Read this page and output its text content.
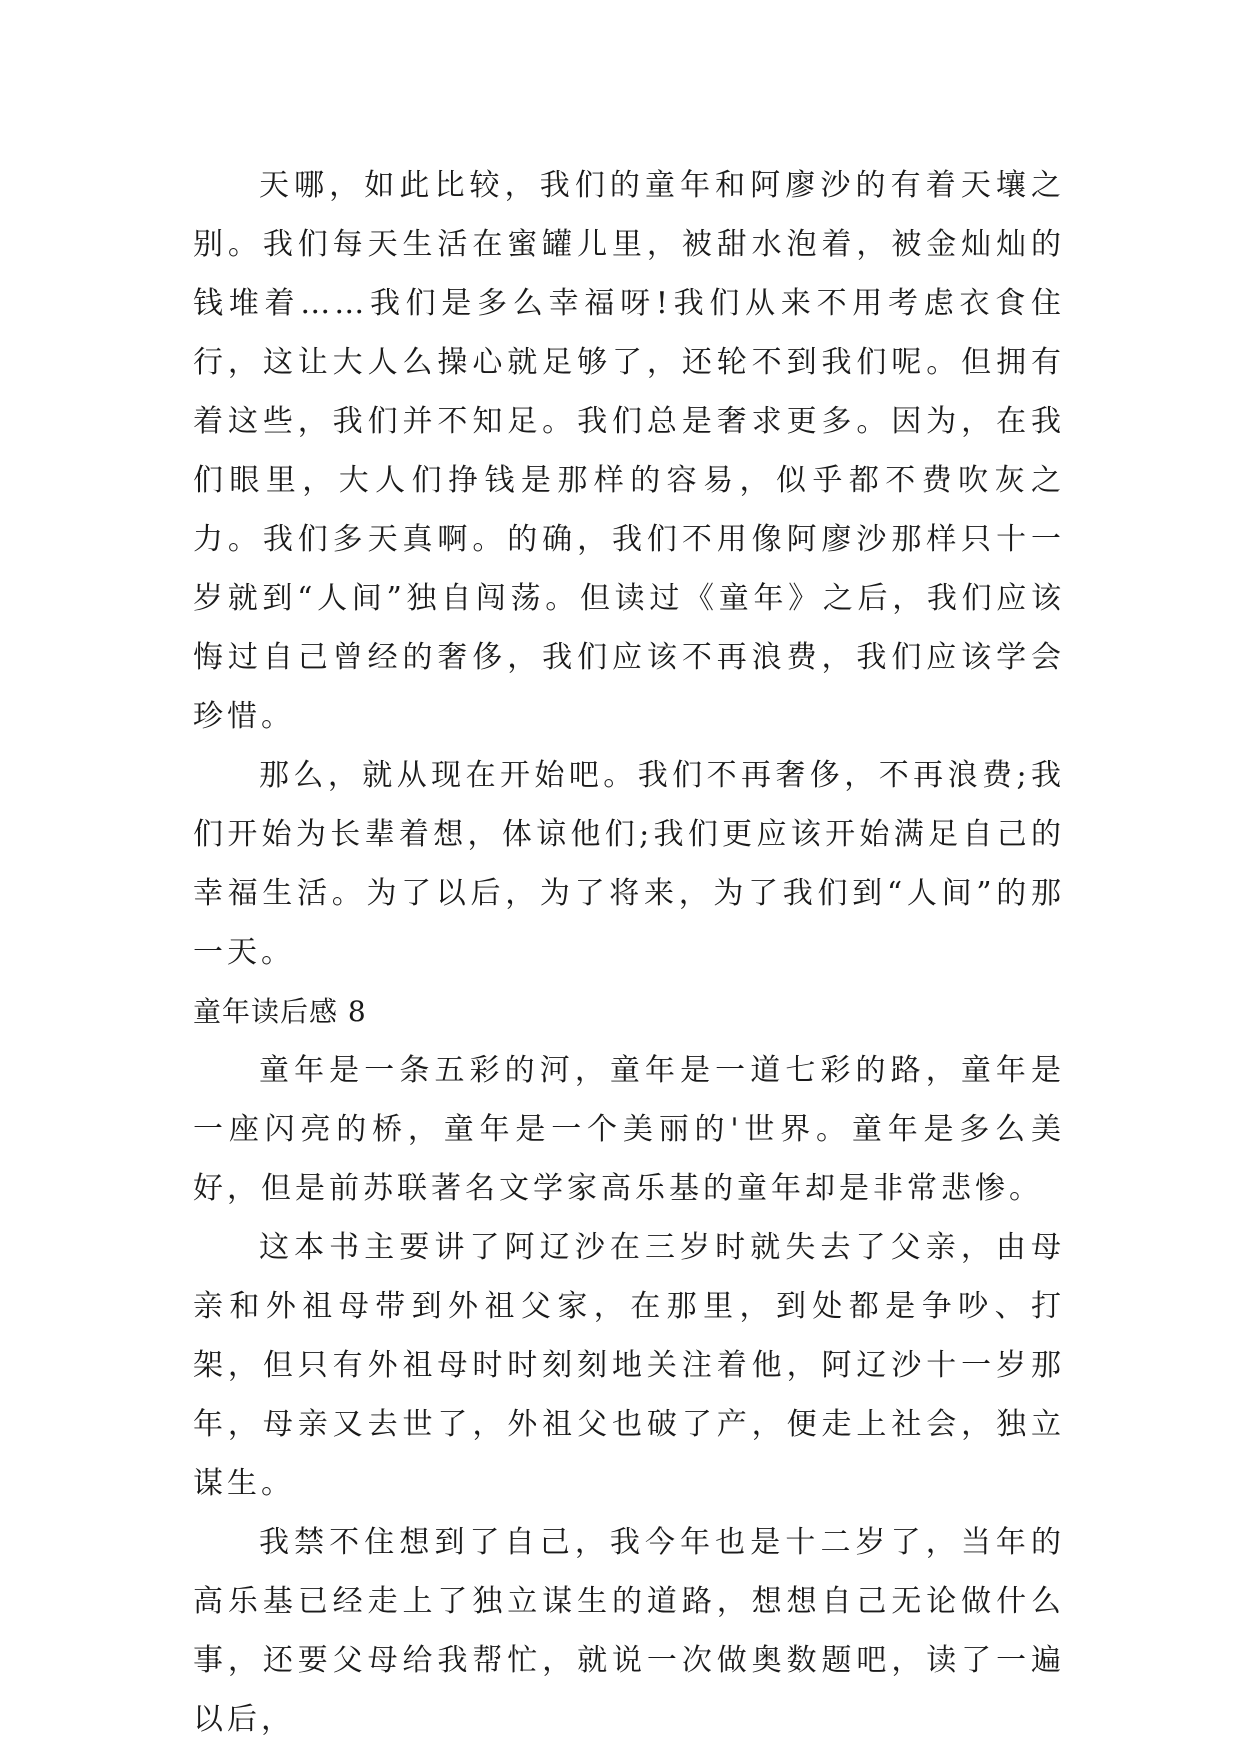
天哪，如此比较，我们的童年和阿廖沙的有着天壤之别。我们每天生活在蜜罐儿里，被甜水泡着，被金灿灿的钱堆着……我们是多么幸福呀!我们从来不用考虑衣食住行，这让大人么操心就足够了，还轮不到我们呢。但拥有着这些，我们并不知足。我们总是奢求更多。因为，在我们眼里，大人们挣钱是那样的容易，似乎都不费吹灰之力。我们多天真啊。的确，我们不用像阿廖沙那样只十一岁就到“人间”独自闯荡。但读过《童年》之后，我们应该悔过自己曾经的奢侈，我们应该不再浪费，我们应该学会珍惜。

那么，就从现在开始吧。我们不再奢侈，不再浪费;我们开始为长辈着想，体谅他们;我们更应该开始满足自己的幸福生活。为了以后，为了将来，为了我们到“人间”的那一天。

童年读后感 8

童年是一条五彩的河，童年是一道七彩的路，童年是一座闪亮的桥，童年是一个美丽的'世界。童年是多么美好，但是前苏联著名文学家高乐基的童年却是非常悲惨。

这本书主要讲了阿辽沙在三岁时就失去了父亲，由母亲和外祖母带到外祖父家，在那里，到处都是争吵、打架，但只有外祖母时时刻刻地关注着他，阿辽沙十一岁那年，母亲又去世了，外祖父也破了产，便走上社会，独立谋生。

我禁不住想到了自己，我今年也是十二岁了，当年的高乐基已经走上了独立谋生的道路，想想自己无论做什么事，还要父母给我帮忙，就说一次做奥数题吧，读了一遍以后，
